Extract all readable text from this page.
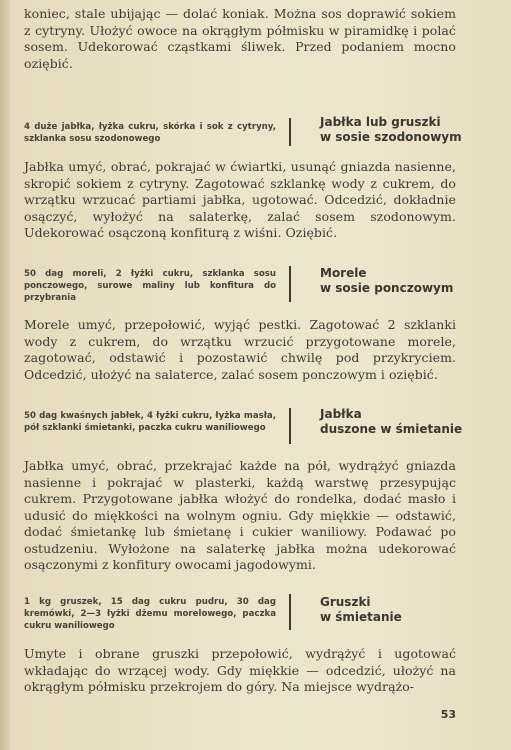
koniec, stale ubijając — dolać koniak. Można sos doprawić sokiem z cytryny. Ułożyć owoce na okrągłym półmisku w piramidkę i polać sosem. Udekorować cząstkami śliwek. Przed podaniem mocno oziębić.

4 duże jabłka, łyżka cukru, skórka i sok z cytryny, szklanka sosu szodonowego

Jabłka lub gruszki
w sosie szodonowym

Jabłka umyć, obrać, pokrajać w ćwiartki, usunąć gniazda nasienne, skropić sokiem z cytryny. Zagotować szklankę wody z cukrem, do wrzątku wrzucać partiami jabłka, ugotować. Odcedzić, dokładnie osączyć, wyłożyć na salaterkę, zalać sosem szodonowym. Udekorować osączoną konfiturą z wiśni. Oziębić.

50 dag moreli, 2 łyżki cukru, szklanka sosu ponczowego, surowe maliny lub konfitura do przybrania

Morele
w sosie ponczowym

Morele umyć, przepołowić, wyjąć pestki. Zagotować 2 szklanki wody z cukrem, do wrzątku wrzucić przygotowane morele, zagotować, odstawić i pozostawić chwilę pod przykryciem. Odcedzić, ułożyć na salaterce, zalać sosem ponczowym i oziębić.

50 dag kwaśnych jabłek, 4 łyżki cukru, łyżka masła, pół szklanki śmietanki, paczka cukru waniliowego

Jabłka
duszone w śmietanie

Jabłka umyć, obrać, przekrajać każde na pół, wydrążyć gniazda nasienne i pokrajać w plasterki, każdą warstwę przesypując cukrem. Przygotowane jabłka włożyć do rondelka, dodać masło i udusić do miękkości na wolnym ogniu. Gdy miękkie — odstawić, dodać śmietankę lub śmietanę i cukier waniliowy. Podawać po ostudzeniu. Wyłożone na salaterkę jabłka można udekorować osączonymi z konfitury owocami jagodowymi.

1 kg gruszek, 15 dag cukru pudru, 30 dag kremówki, 2—3 łyżki dżemu morelowego, paczka cukru waniliowego

Gruszki
w śmietanie

Umyte i obrane gruszki przepołowić, wydrążyć i ugotować wkładając do wrzącej wody. Gdy miękkie — odcedzić, ułożyć na okrągłym półmisku przekrojem do góry. Na miejsce wydrążo-

53
